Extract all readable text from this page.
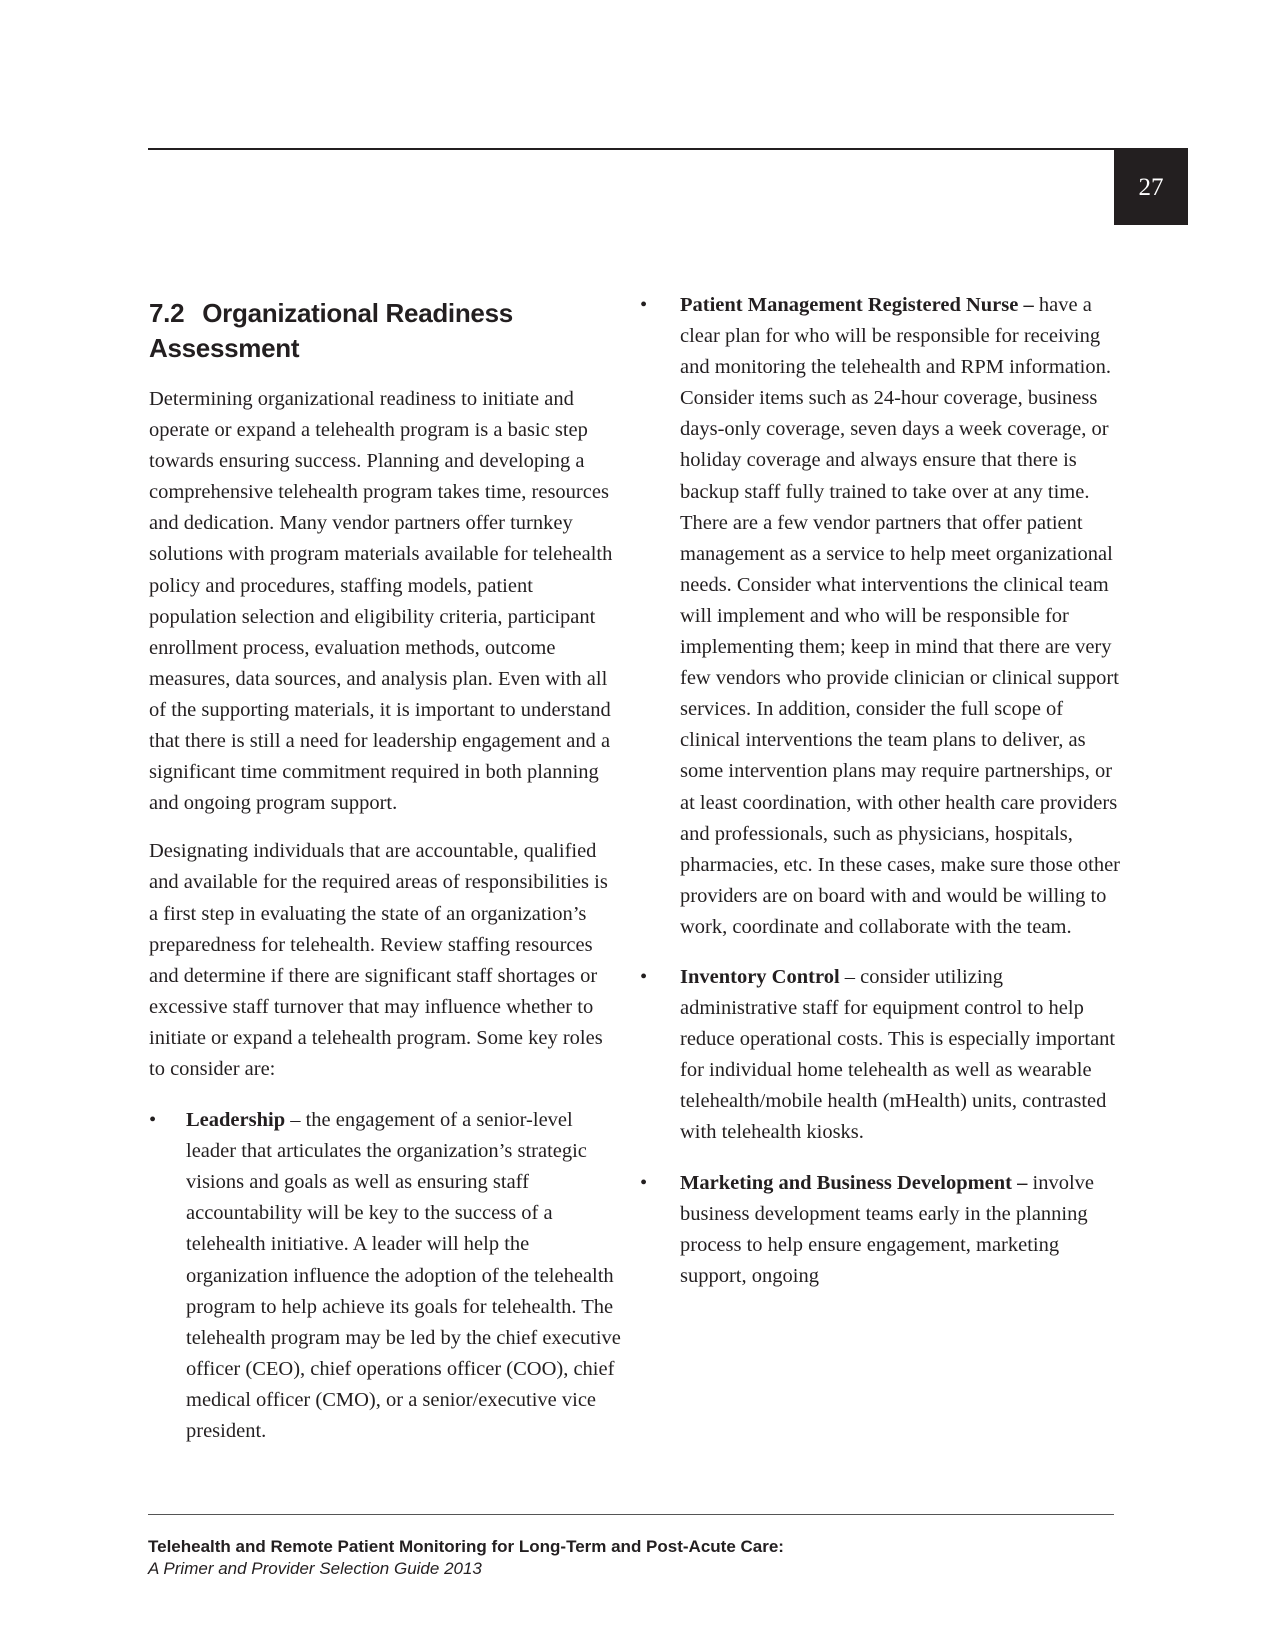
27
7.2 Organizational Readiness Assessment

Determining organizational readiness to initiate and operate or expand a telehealth program is a basic step towards ensuring success. Planning and developing a comprehensive telehealth program takes time, resources and dedication. Many vendor partners offer turnkey solutions with program materials available for telehealth policy and procedures, staffing models, patient population selection and eligibility criteria, participant enrollment process, evaluation methods, outcome measures, data sources, and analysis plan. Even with all of the supporting materials, it is important to understand that there is still a need for leadership engagement and a significant time commitment required in both planning and ongoing program support.

Designating individuals that are accountable, qualified and available for the required areas of responsibilities is a first step in evaluating the state of an organization’s preparedness for telehealth. Review staffing resources and determine if there are significant staff shortages or excessive staff turnover that may influence whether to initiate or expand a telehealth program. Some key roles to consider are:

• Leadership – the engagement of a senior-level leader that articulates the organization’s strategic visions and goals as well as ensuring staff accountability will be key to the success of a telehealth initiative. A leader will help the organization influence the adoption of the telehealth program to help achieve its goals for telehealth. The telehealth program may be led by the chief executive officer (CEO), chief operations officer (COO), chief medical officer (CMO), or a senior/executive vice president.
• Patient Management Registered Nurse – have a clear plan for who will be responsible for receiving and monitoring the telehealth and RPM information. Consider items such as 24-hour coverage, business days-only coverage, seven days a week coverage, or holiday coverage and always ensure that there is backup staff fully trained to take over at any time. There are a few vendor partners that offer patient management as a service to help meet organizational needs. Consider what interventions the clinical team will implement and who will be responsible for implementing them; keep in mind that there are very few vendors who provide clinician or clinical support services. In addition, consider the full scope of clinical interventions the team plans to deliver, as some intervention plans may require partnerships, or at least coordination, with other health care providers and professionals, such as physicians, hospitals, pharmacies, etc. In these cases, make sure those other providers are on board with and would be willing to work, coordinate and collaborate with the team.
• Inventory Control – consider utilizing administrative staff for equipment control to help reduce operational costs. This is especially important for individual home telehealth as well as wearable telehealth/mobile health (mHealth) units, contrasted with telehealth kiosks.
• Marketing and Business Development – involve business development teams early in the planning process to help ensure engagement, marketing support, ongoing
Telehealth and Remote Patient Monitoring for Long-Term and Post-Acute Care:
A Primer and Provider Selection Guide 2013
